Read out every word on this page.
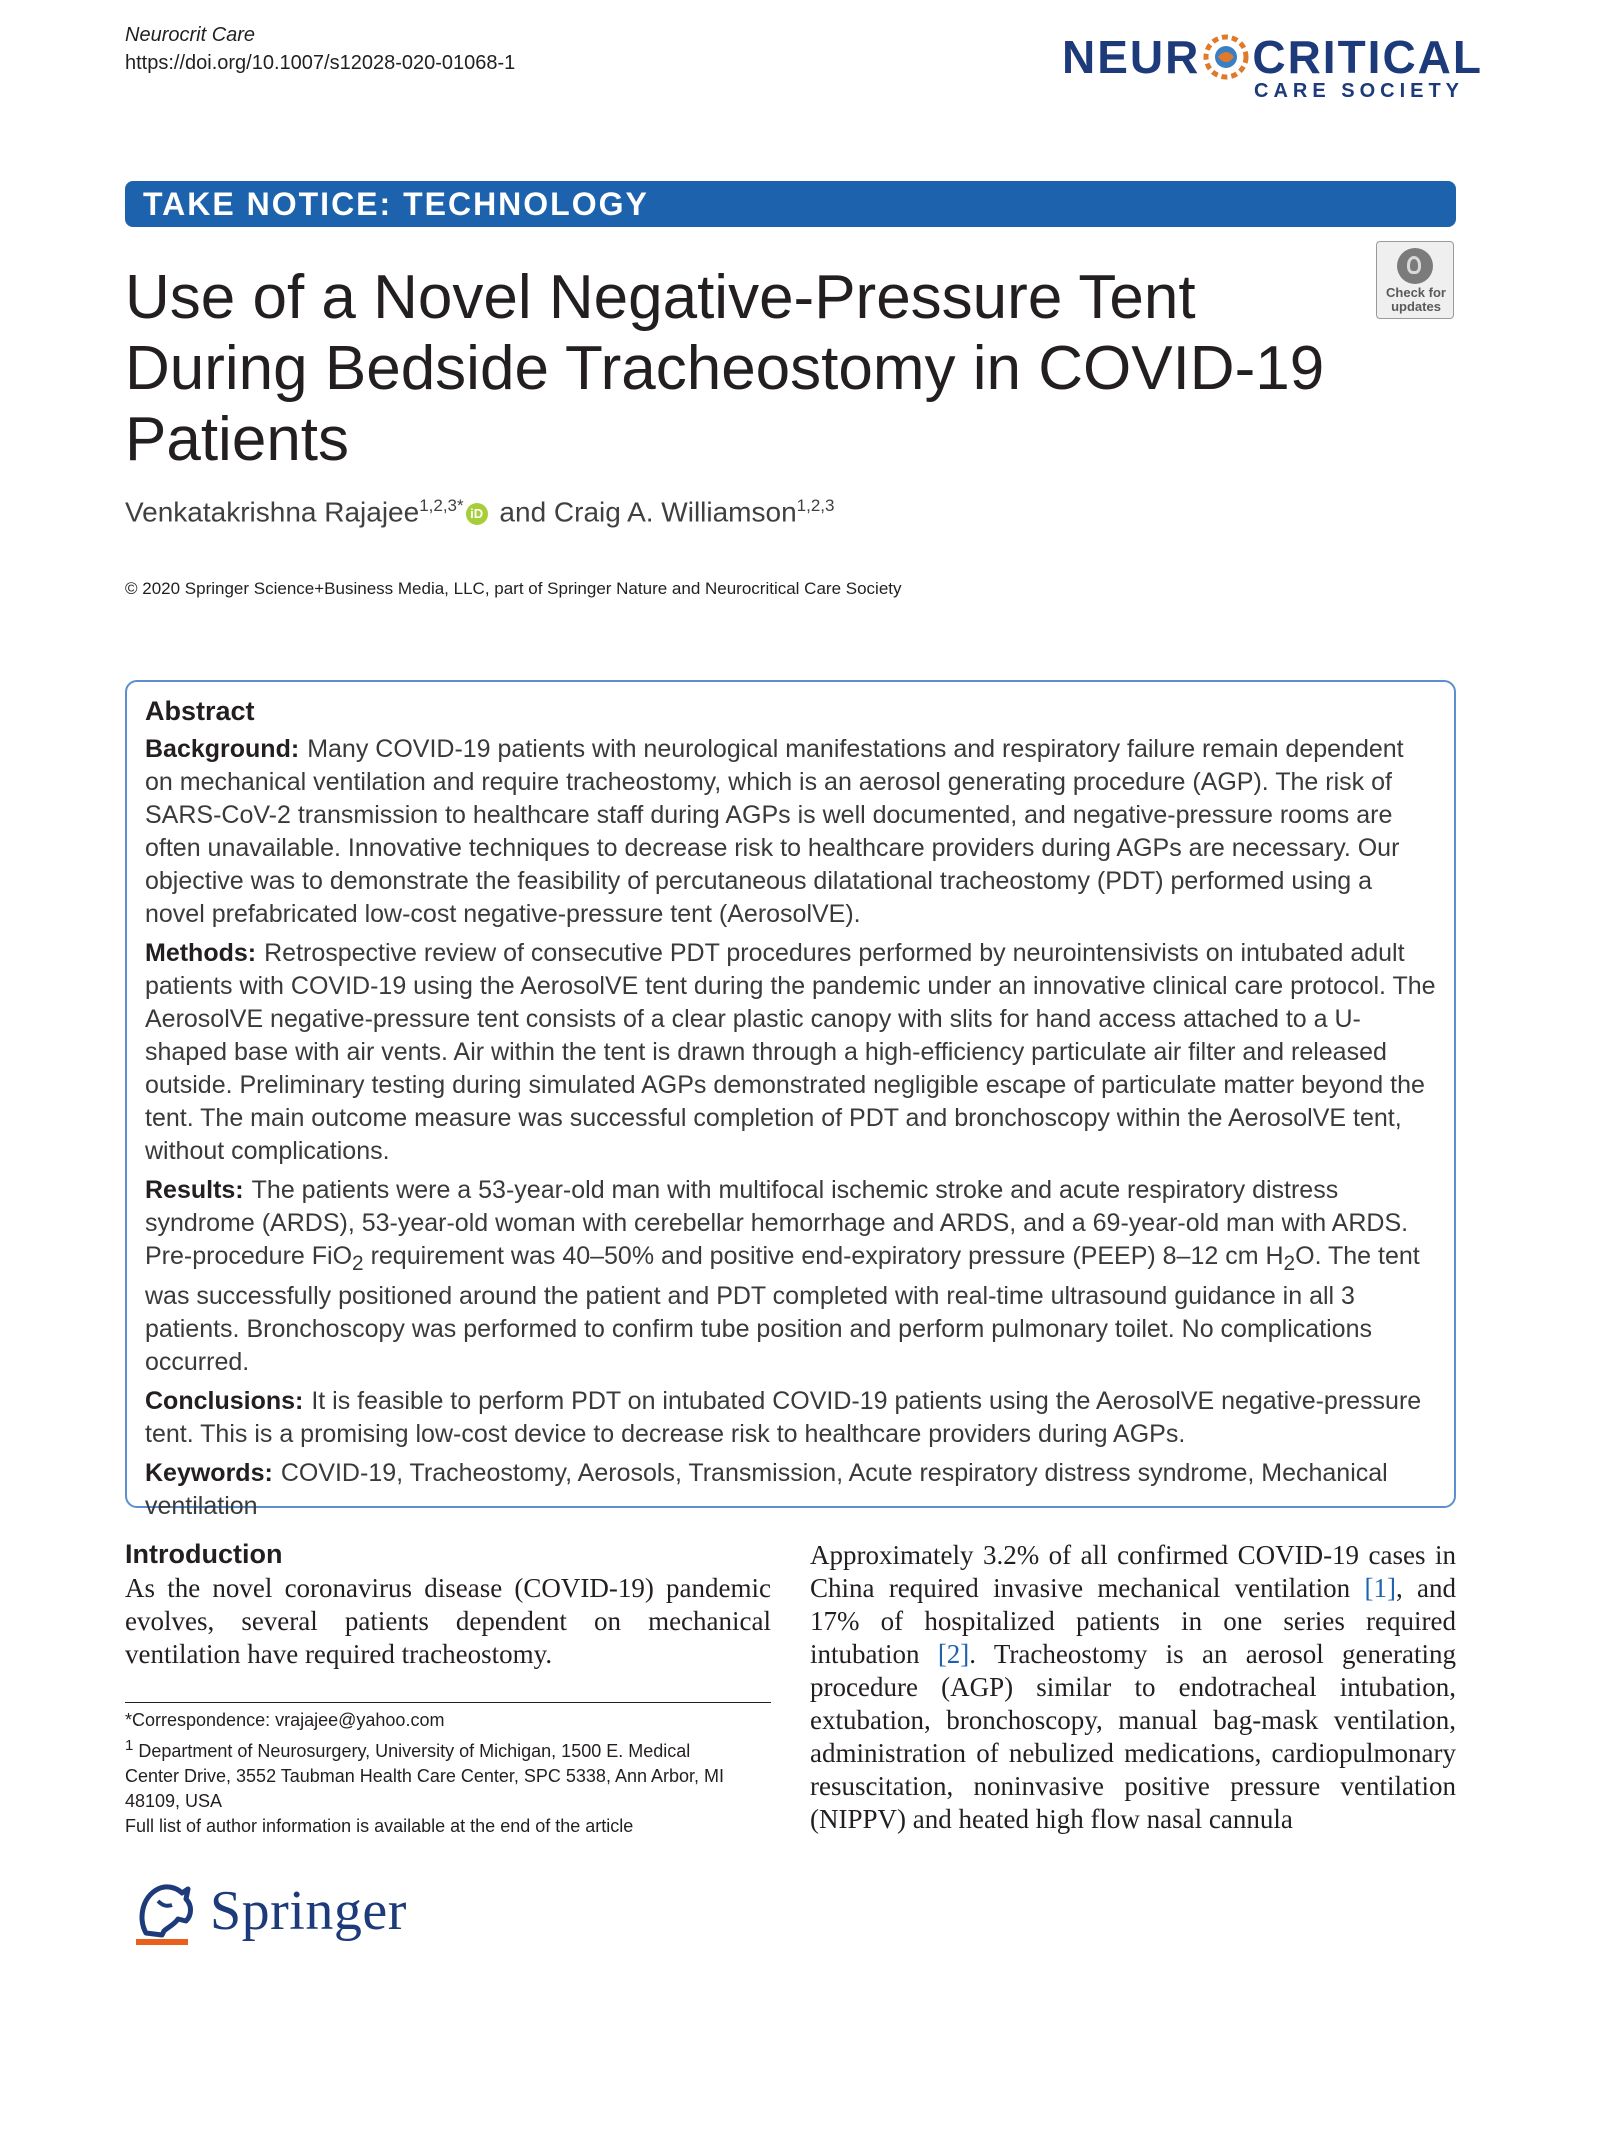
Neurocrit Care
https://doi.org/10.1007/s12028-020-01068-1	NEUR CRITICAL
CARE SOCIETY
TAKE NOTICE: TECHNOLOGY
Check for updates
Use of a Novel Negative-Pressure Tent During Bedside Tracheostomy in COVID-19 Patients
Venkatakrishna Rajajee$^{1,2,3*}$ iD and Craig A. Williamson$^{1,2,3}$
© 2020 Springer Science+Business Media, LLC, part of Springer Nature and Neurocritical Care Society
Abstract

Background: Many COVID-19 patients with neurological manifestations and respiratory failure remain dependent on mechanical ventilation and require tracheostomy, which is an aerosol generating procedure (AGP). The risk of SARS-CoV-2 transmission to healthcare staff during AGPs is well documented, and negative-pressure rooms are often unavailable. Innovative techniques to decrease risk to healthcare providers during AGPs are necessary. Our objective was to demonstrate the feasibility of percutaneous dilatational tracheostomy (PDT) performed using a novel prefabricated low-cost negative-pressure tent (AerosolVE).

Methods: Retrospective review of consecutive PDT procedures performed by neurointensivists on intubated adult patients with COVID-19 using the AerosolVE tent during the pandemic under an innovative clinical care protocol. The AerosolVE negative-pressure tent consists of a clear plastic canopy with slits for hand access attached to a U-shaped base with air vents. Air within the tent is drawn through a high-efficiency particulate air filter and released outside. Preliminary testing during simulated AGPs demonstrated negligible escape of particulate matter beyond the tent. The main outcome measure was successful completion of PDT and bronchoscopy within the AerosolVE tent, without complications.

Results: The patients were a 53-year-old man with multifocal ischemic stroke and acute respiratory distress syndrome (ARDS), 53-year-old woman with cerebellar hemorrhage and ARDS, and a 69-year-old man with ARDS. Pre-procedure FiO$_2$ requirement was 40–50% and positive end-expiratory pressure (PEEP) 8–12 cm $H_2O$. The tent was successfully positioned around the patient and PDT completed with real-time ultrasound guidance in all 3 patients. Bronchoscopy was performed to confirm tube position and perform pulmonary toilet. No complications occurred.

Conclusions: It is feasible to perform PDT on intubated COVID-19 patients using the AerosolVE negative-pressure tent. This is a promising low-cost device to decrease risk to healthcare providers during AGPs.

Keywords: COVID-19, Tracheostomy, Aerosols, Transmission, Acute respiratory distress syndrome, Mechanical ventilation

Introduction
As the novel coronavirus disease (COVID-19) pandemic evolves, several patients dependent on mechanical ventilation have required tracheostomy.
Approximately 3.2% of all confirmed COVID-19 cases in China required invasive mechanical ventilation [1], and 17% of hospitalized patients in one series required intubation [2]. Tracheostomy is an aerosol generating procedure (AGP) similar to endotracheal intubation, extubation, bronchoscopy, manual bag-mask ventilation, administration of nebulized medications, cardiopulmonary resuscitation, noninvasive positive pressure ventilation (NIPPV) and heated high flow nasal cannula

*Correspondence: vrajajee@yahoo.com

$^1$ Department of Neurosurgery, University of Michigan, 1500 E. Medical Center Drive, 3552 Taubman Health Care Center, SPC 5338, Ann Arbor, MI 48109, USA

Full list of author information is available at the end of the article

Springer
